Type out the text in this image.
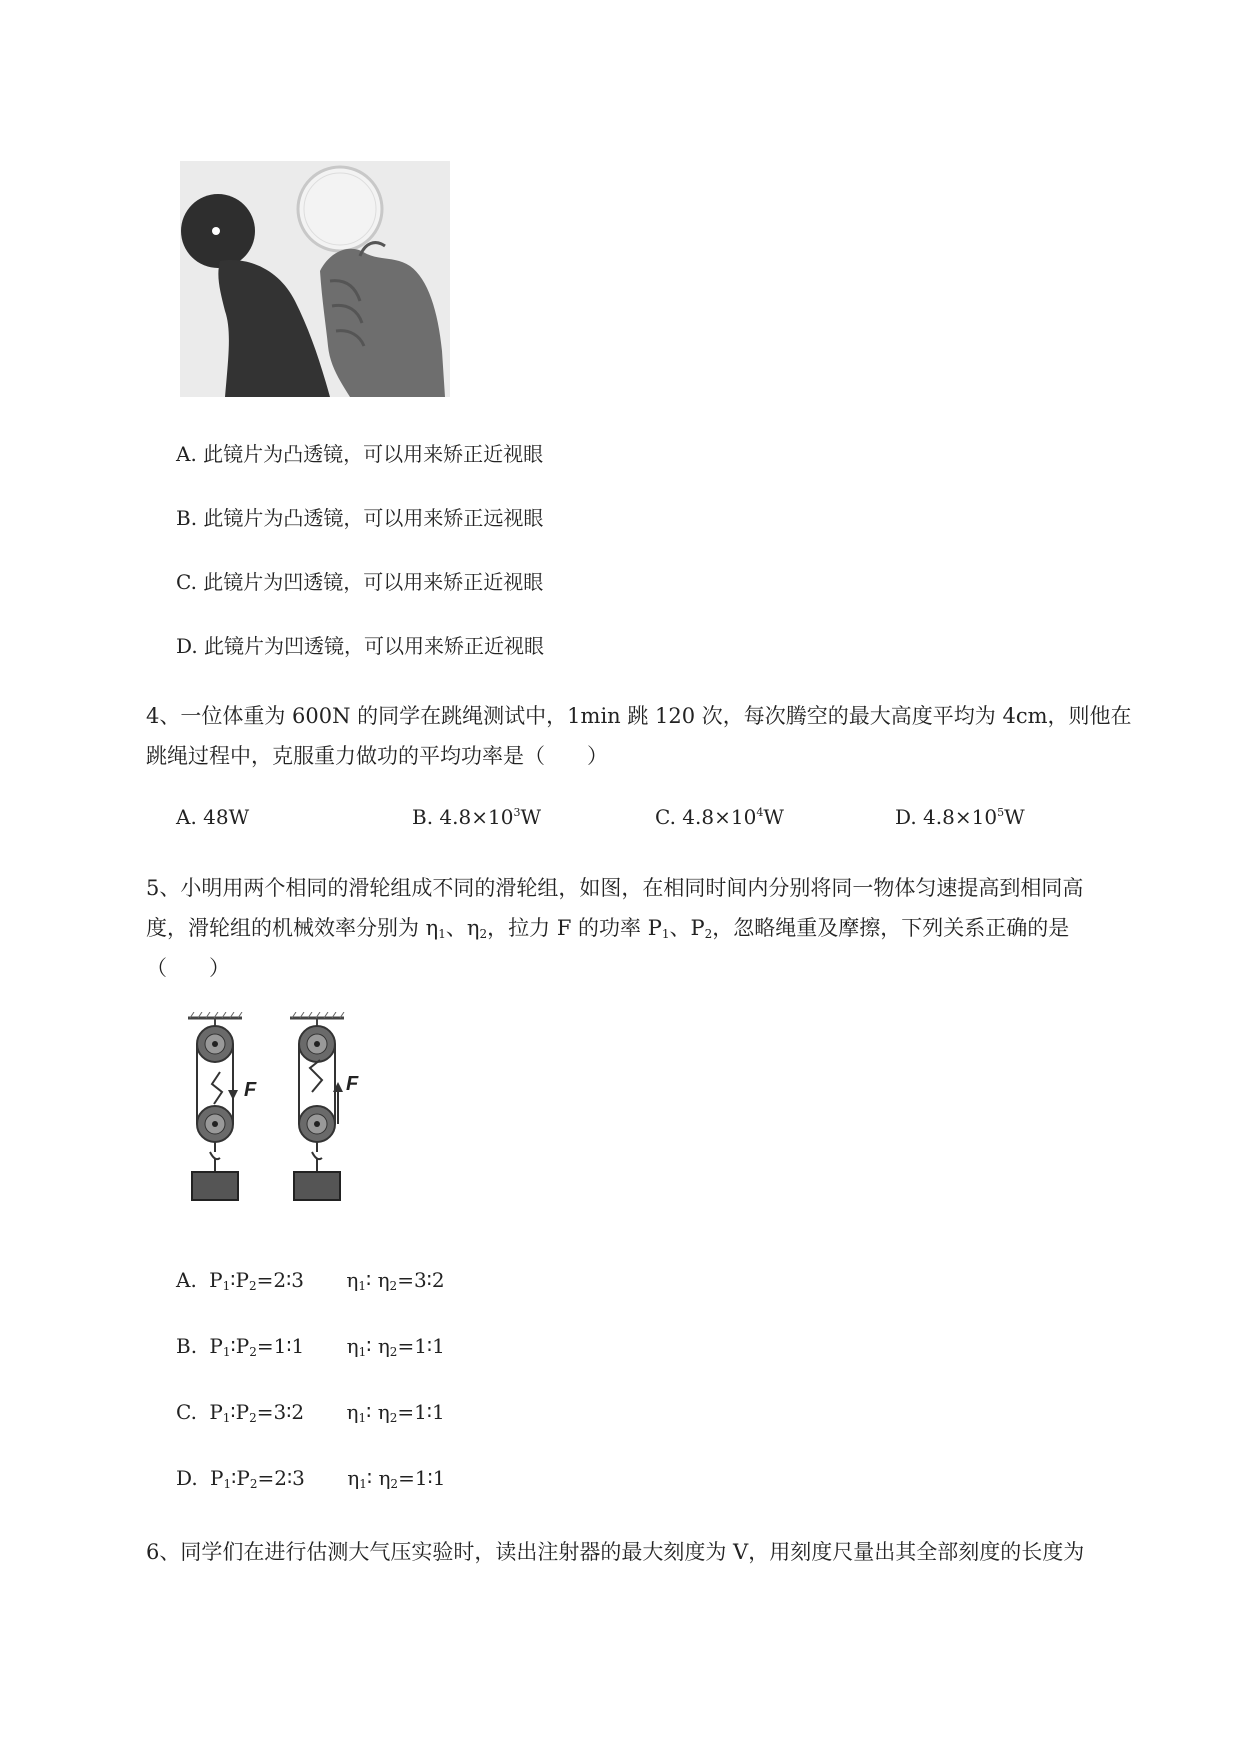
A. 此镜片为凸透镜，可以用来矫正近视眼
B. 此镜片为凸透镜，可以用来矫正远视眼
C. 此镜片为凹透镜，可以用来矫正近视眼
D. 此镜片为凹透镜，可以用来矫正近视眼
4、一位体重为 600N 的同学在跳绳测试中，1min 跳 120 次，每次腾空的最大高度平均为 4cm，则他在
跳绳过程中，克服重力做功的平均功率是（　　）
A. 48W	B. $4.8\times 10^3W$	C. $4.8\times 10^4W$	D. $4.8\times 10^5W$
5、小明用两个相同的滑轮组成不同的滑轮组，如图，在相同时间内分别将同一物体匀速提高到相同高
度，滑轮组的机械效率分别为 $\eta_1$、$\eta_2$，拉力 F 的功率 $P_1$、$P_2$，忽略绳重及摩擦，下列关系正确的是
（　　）
F	F
A. $P_1∶P_2=2∶3$ $\eta_1∶$ $\eta_2=3∶2$
B. $P_1∶P_2=1∶1$ $\eta_1∶$ $\eta_2=1∶1$
C. $P_1∶P_2=3∶2$ $\eta_1∶$ $\eta_2=1∶1$
D. $P_1∶P_2=2∶3$ $\eta_1∶$ $\eta_2=1∶1$
6、同学们在进行估测大气压实验时，读出注射器的最大刻度为 V，用刻度尺量出其全部刻度的长度为
